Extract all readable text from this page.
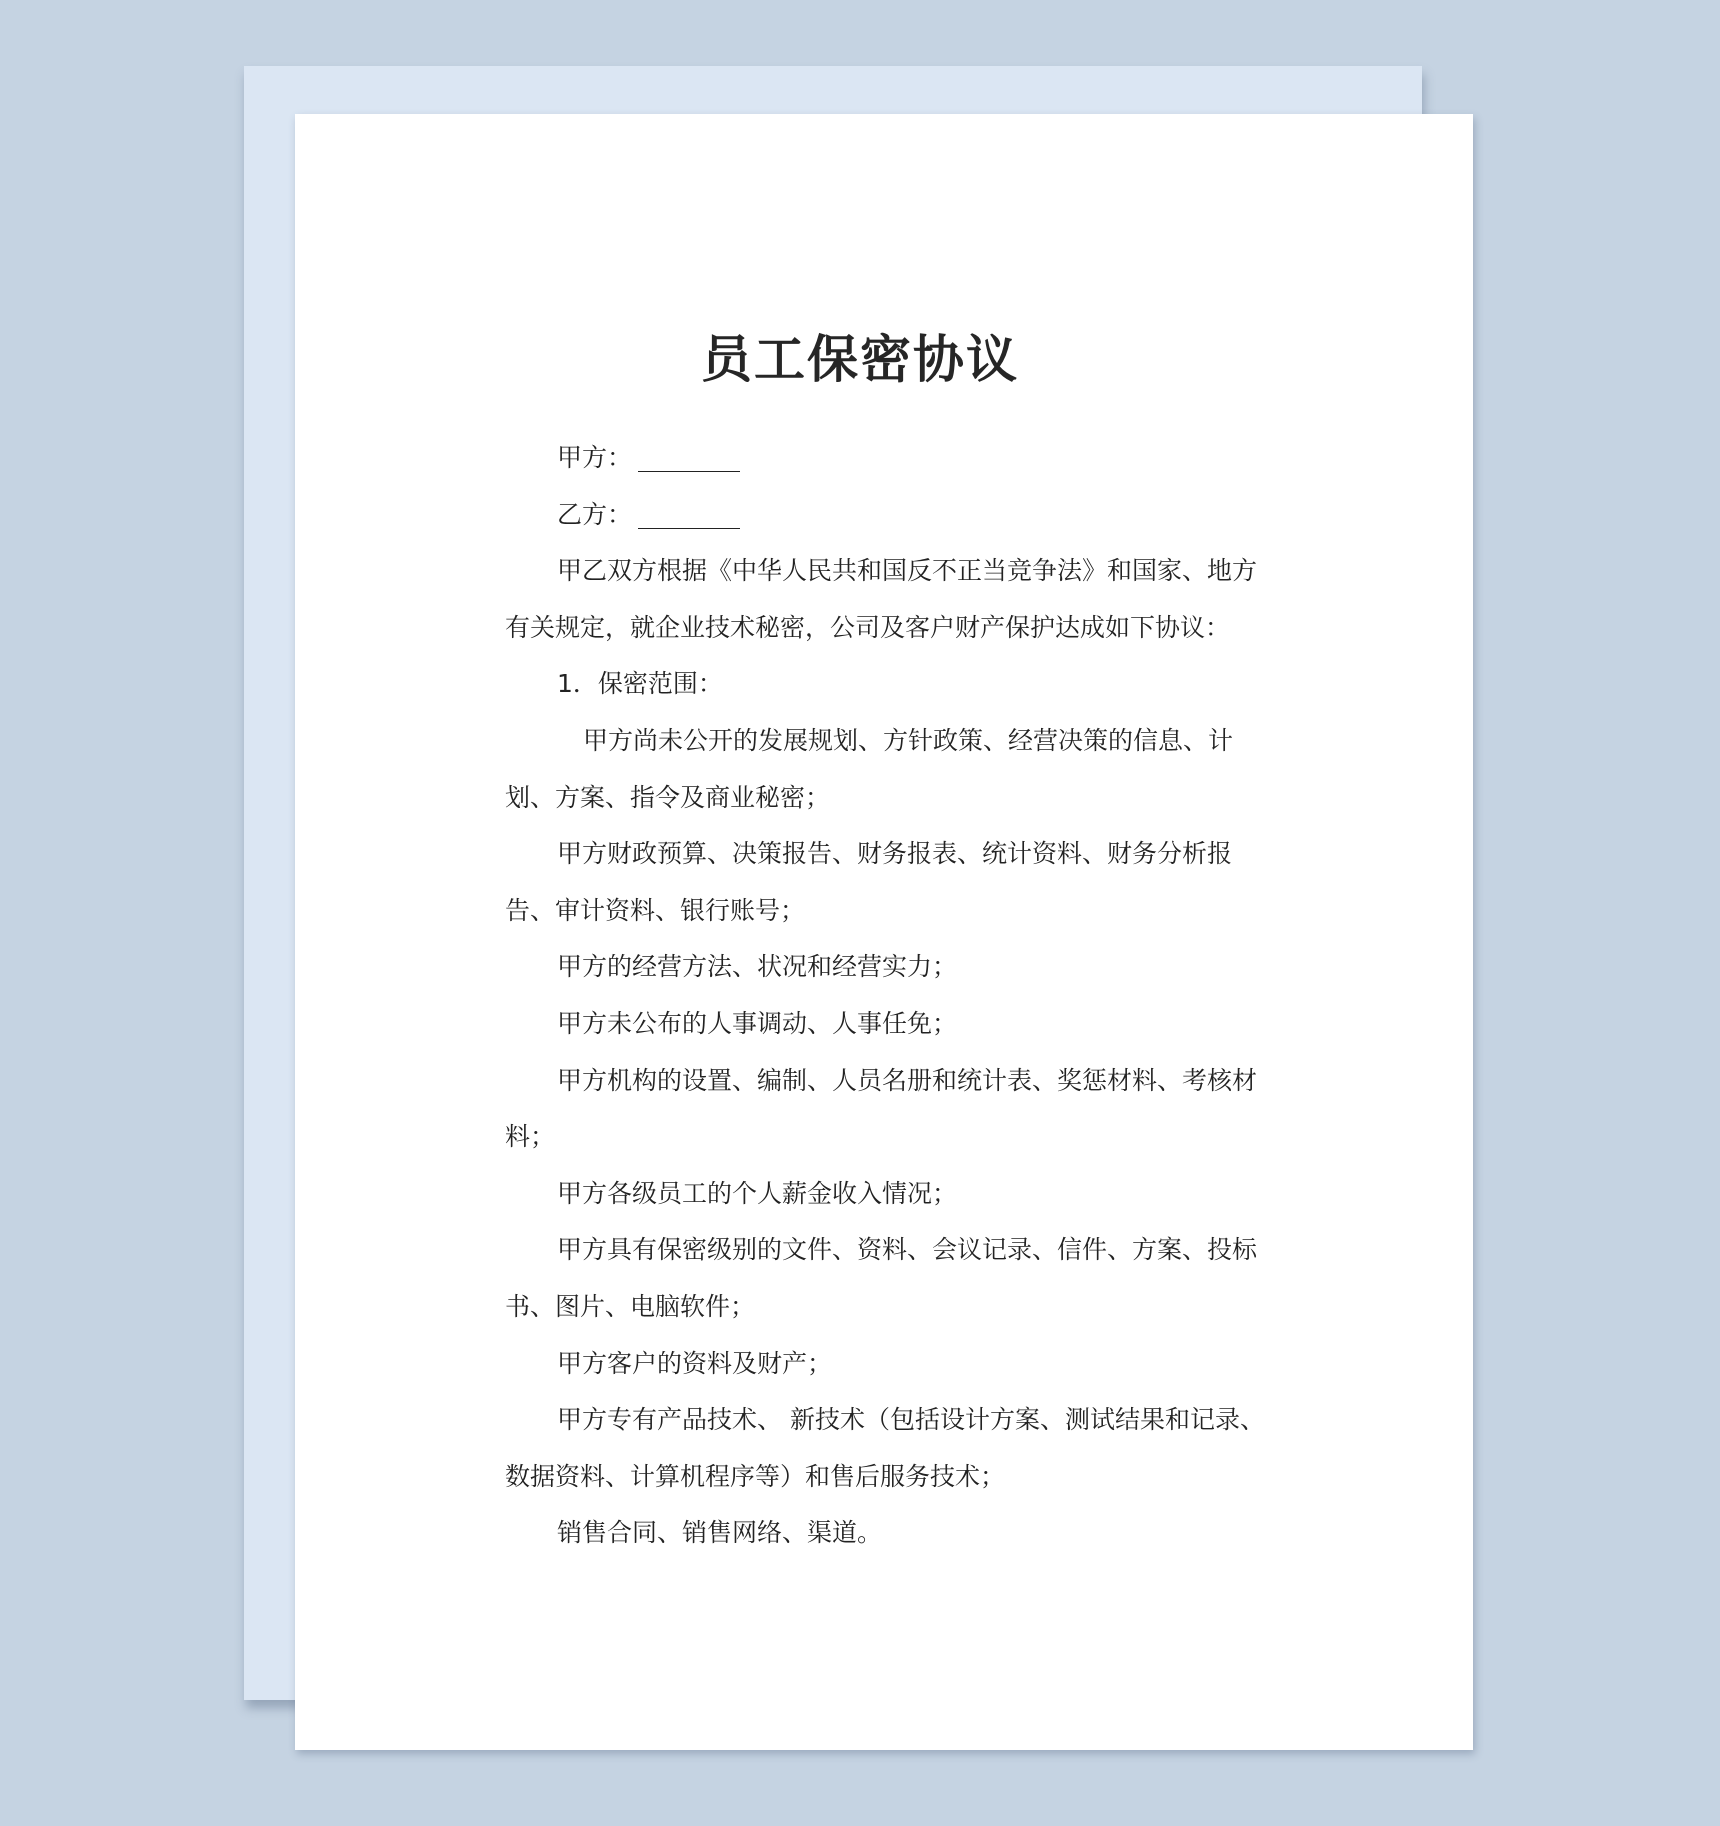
员工保密协议

甲方：

乙方：

甲乙双方根据《中华人民共和国反不正当竞争法》和国家、地方有关规定，就企业技术秘密，公司及客户财产保护达成如下协议：

1．保密范围：

甲方尚未公开的发展规划、方针政策、经营决策的信息、计划、方案、指令及商业秘密；

甲方财政预算、决策报告、财务报表、统计资料、财务分析报告、审计资料、银行账号；

甲方的经营方法、状况和经营实力；

甲方未公布的人事调动、人事任免；

甲方机构的设置、编制、人员名册和统计表、奖惩材料、考核材料；

甲方各级员工的个人薪金收入情况；

甲方具有保密级别的文件、资料、会议记录、信件、方案、投标书、图片、电脑软件；

甲方客户的资料及财产；

甲方专有产品技术、 新技术（包括设计方案、测试结果和记录、数据资料、计算机程序等）和售后服务技术；

销售合同、销售网络、渠道。
